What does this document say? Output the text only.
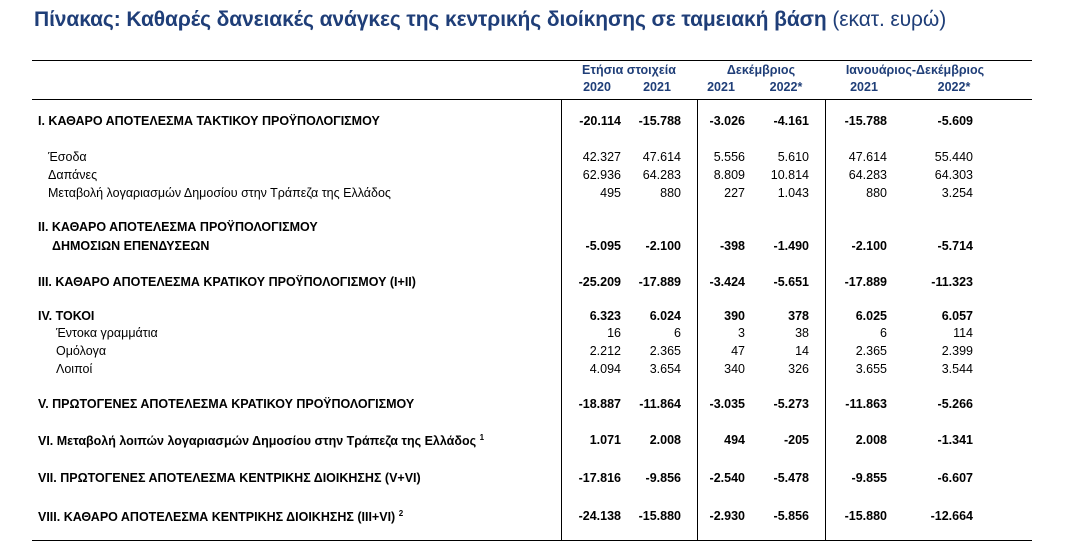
Πίνακας: Καθαρές δανειακές ανάγκες της κεντρικής διοίκησης σε ταμειακή βάση (εκατ. ευρώ)
Ετήσια στοιχεία	Δεκέμβριος	Ιανουάριος-Δεκέμβριος
2020	2021	2021	2022*	2021	2022*
I. ΚΑΘΑΡΟ ΑΠΟΤΕΛΕΣΜΑ ΤΑΚΤΙΚΟΥ ΠΡΟΫΠΟΛΟΓΙΣΜΟΥ	-20.114	-15.788	-3.026	-4.161	-15.788	-5.609
Έσοδα	42.327	47.614	5.556	5.610	47.614	55.440
Δαπάνες	62.936	64.283	8.809	10.814	64.283	64.303
Μεταβολή λογαριασμών Δημοσίου στην Τράπεζα της Ελλάδος	495	880	227	1.043	880	3.254
II. ΚΑΘΑΡΟ ΑΠΟΤΕΛΕΣΜΑ ΠΡΟΫΠΟΛΟΓΙΣΜΟΥ
ΔΗΜΟΣΙΩΝ ΕΠΕΝΔΥΣΕΩΝ	-5.095	-2.100	-398	-1.490	-2.100	-5.714
III. ΚΑΘΑΡΟ ΑΠΟΤΕΛΕΣΜΑ ΚΡΑΤΙΚΟΥ ΠΡΟΫΠΟΛΟΓΙΣΜΟΥ (I+II)	-25.209	-17.889	-3.424	-5.651	-17.889	-11.323
IV. ΤΟΚΟΙ	6.323	6.024	390	378	6.025	6.057
Έντοκα γραμμάτια	16	6	3	38	6	114
Ομόλογα	2.212	2.365	47	14	2.365	2.399
Λοιποί	4.094	3.654	340	326	3.655	3.544
V. ΠΡΩΤΟΓΕΝΕΣ ΑΠΟΤΕΛΕΣΜΑ ΚΡΑΤΙΚΟΥ ΠΡΟΫΠΟΛΟΓΙΣΜΟΥ	-18.887	-11.864	-3.035	-5.273	-11.863	-5.266
VI. Μεταβολή λοιπών λογαριασμών Δημοσίου στην Τράπεζα της Ελλάδος $^1$	1.071	2.008	494	-205	2.008	-1.341
VII. ΠΡΩΤΟΓΕΝΕΣ ΑΠΟΤΕΛΕΣΜΑ ΚΕΝΤΡΙΚΗΣ ΔΙΟΙΚΗΣΗΣ (V+VI)	-17.816	-9.856	-2.540	-5.478	-9.855	-6.607
VIII. ΚΑΘΑΡΟ ΑΠΟΤΕΛΕΣΜΑ ΚΕΝΤΡΙΚΗΣ ΔΙΟΙΚΗΣΗΣ (III+VI) $^2$	-24.138	-15.880	-2.930	-5.856	-15.880	-12.664
